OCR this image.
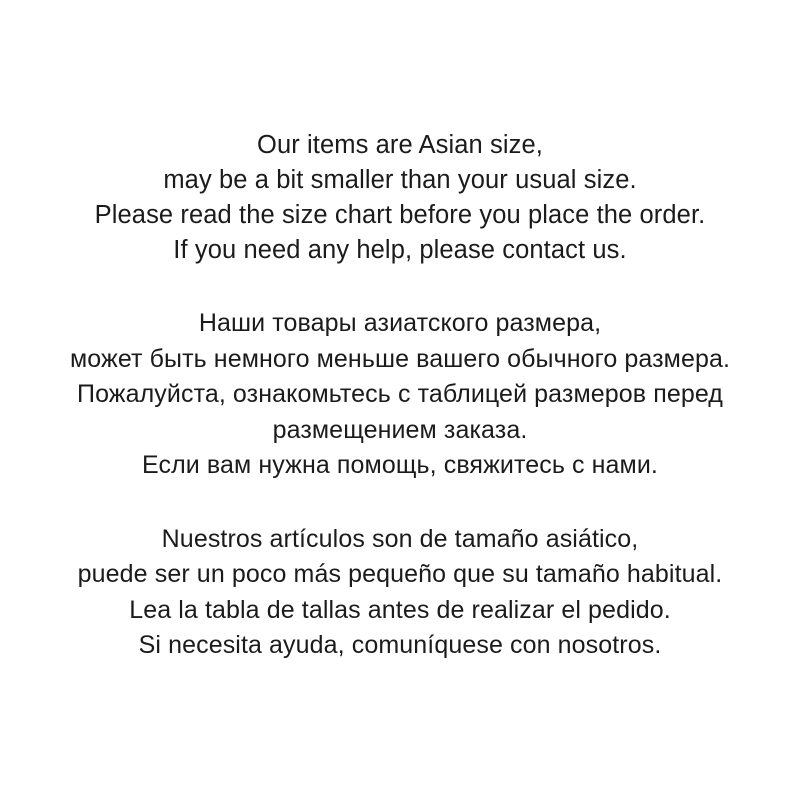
Our items are Asian size,
may be a bit smaller than your usual size.
Please read the size chart before you place the order.
If you need any help, please contact us.
Наши товары азиатского размера,
может быть немного меньше вашего обычного размера.
Пожалуйста, ознакомьтесь с таблицей размеров перед
размещением заказа.
Если вам нужна помощь, свяжитесь с нами.
Nuestros artículos son de tamaño asiático,
puede ser un poco más pequeño que su tamaño habitual.
Lea la tabla de tallas antes de realizar el pedido.
Si necesita ayuda, comuníquese con nosotros.
